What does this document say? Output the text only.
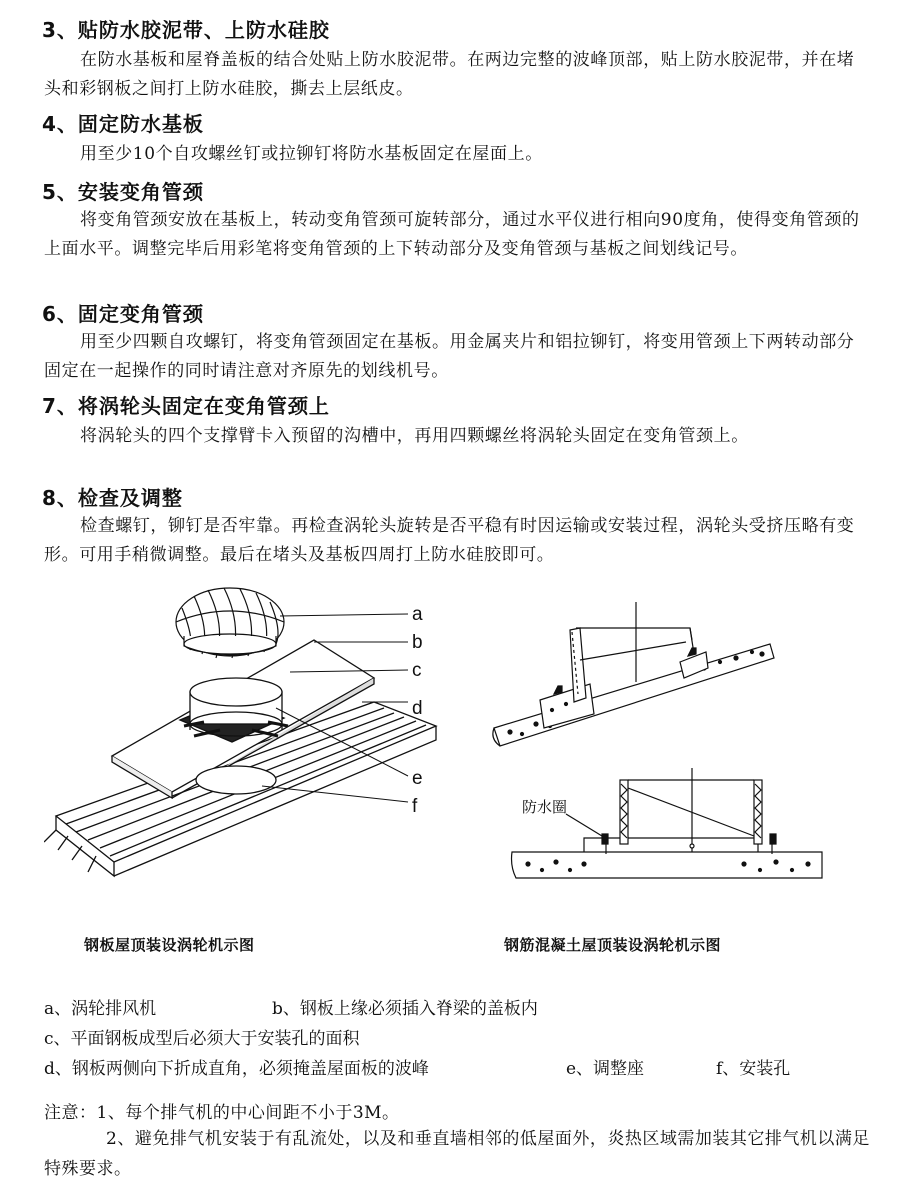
3、贴防水胶泥带、上防水硅胶

在防水基板和屋脊盖板的结合处贴上防水胶泥带。在两边完整的波峰顶部，贴上防水胶泥带，并在堵头和彩钢板之间打上防水硅胶，撕去上层纸皮。

4、固定防水基板

用至少10个自攻螺丝钉或拉铆钉将防水基板固定在屋面上。

5、安装变角管颈

将变角管颈安放在基板上，转动变角管颈可旋转部分，通过水平仪进行相向90度角，使得变角管颈的上面水平。调整完毕后用彩笔将变角管颈的上下转动部分及变角管颈与基板之间划线记号。

6、固定变角管颈

用至少四颗自攻螺钉，将变角管颈固定在基板。用金属夹片和铝拉铆钉，将变用管颈上下两转动部分固定在一起操作的同时请注意对齐原先的划线机号。

7、将涡轮头固定在变角管颈上

将涡轮头的四个支撑臂卡入预留的沟槽中，再用四颗螺丝将涡轮头固定在变角管颈上。

8、检查及调整

检查螺钉，铆钉是否牢靠。再检查涡轮头旋转是否平稳有时因运输或安装过程，涡轮头受挤压略有变形。可用手稍微调整。最后在堵头及基板四周打上防水硅胶即可。

a
b
c
d
e
f	防水圈
钢板屋顶装设涡轮机示图	钢筋混凝土屋顶装设涡轮机示图
a、涡轮排风机	b、钢板上缘必须插入脊梁的盖板内
c、平面钢板成型后必须大于安装孔的面积
d、钢板两侧向下折成直角，必须掩盖屋面板的波峰	e、调整座	f、安装孔
注意：1、每个排气机的中心间距不小于3M。
2、避免排气机安装于有乱流处，以及和垂直墙相邻的低屋面外，炎热区域需加装其它排气机以满足特殊要求。
